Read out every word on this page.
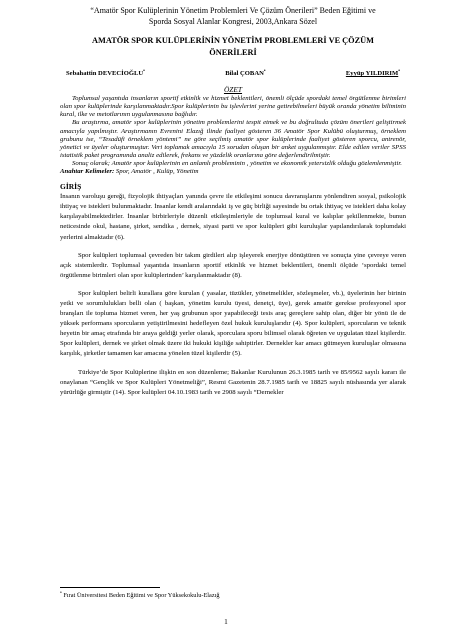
“Amatör Spor Kulüplerinin Yönetim Problemleri Ve Çözüm Önerileri” Beden Eğitimi ve
Sporda Sosyal Alanlar Kongresi, 2003,Ankara Sözel
AMATÖR SPOR KULÜPLERİNİN YÖNETİM PROBLEMLERİ VE ÇÖZÜM
ÖNERİLERİ
Sebahattin DEVECİOĞLU•	Bilal ÇOBAN•	Eyyüp YILDIRIM•
ÖZET

Toplumsal yaşantıda insanların sportif etkinlik ve hizmet beklentileri, önemli ölçüde spordaki temel örgütlenme birimleri olan spor kulüplerinde karşılanmaktadır.Spor kulüplerinin bu işlevlerini yerine getirebilmeleri büyük oranda yönetim biliminin kural, ilke ve metotlarının uygulanmasına bağlıdır.

Bu araştırma, amatör spor kulüplerinin yönetim problemlerini tespit etmek ve bu doğrultuda çözüm önerileri geliştirmek amacıyla yapılmıştır. Araştırmanın Evrenini Elazığ ilinde faaliyet gösteren 36 Amatör Spor Kulübü oluşturmuş, örneklem grubunu ise, “Tesadüfi örneklem yöntemi” ne göre seçilmiş amatör spor kulüplerinde faaliyet gösteren sporcu, antrenör, yönetici ve üyeler oluşturmuştur. Veri toplamak amacıyla 15 sorudan oluşan bir anket uygulanmıştır. Elde edilen veriler SPSS istatistik paket programında analiz edilerek, frekans ve yüzdelik oranlarına göre değerlendirilmiştir.

Sonuç olarak; Amatör spor kulüplerinin en anlamlı probleminin , yönetim ve ekonomik yetersizlik olduğu gözlemlenmiştir.

Anahtar Kelimeler: Spor, Amatör , Kulüp, Yönetim

GİRİŞ

İnsanın varoluşu gereği, fizyolojik ihtiyaçları yanında çevre ile etkileşimi sonucu davranışlarını yönlendiren sosyal, psikolojik ihtiyaç ve istekleri bulunmaktadır. İnsanlar kendi aralarındaki iş ve güç birliği sayesinde bu ortak ihtiyaç ve istekleri daha kolay karşılayabilmektedirler. İnsanlar birbirleriyle düzenli etkileşimleriyle de toplumsal kural ve kalıplar şekillenmekte, bunun neticesinde okul, hastane, şirket, sendika , dernek, siyasi parti ve spor kulüpleri gibi kuruluşlar yapılandırılarak toplumdaki yerlerini almaktadır (6).

Spor kulüpleri toplumsal çevreden bir takım girdileri alıp işleyerek enerjiye dönüştüren ve sonuçta yine çevreye veren açık sistemlerdir. Toplumsal yaşantıda insanların sportif etkinlik ve hizmet beklentileri, önemli ölçüde ‘spordaki temel örgütlenme birimleri olan spor kulüplerinden’ karşılanmaktadır (8).

Spor kulüpleri belirli kurallara göre kurulan ( yasalar, tüzükler, yönetmelikler, sözleşmeler, vb.), üyelerinin her birinin yetki ve sorumlulukları belli olan ( başkan, yönetim kurulu üyesi, denetçi, üye), gerek amatör gerekse profesyonel spor branşları ile topluma hizmet veren, her yaş grubunun spor yapabileceği tesis araç gereçlere sahip olan, diğer bir yönü ile de yüksek performans sporcuların yetiştirilmesini hedefleyen özel hukuk kuruluşlarıdır (4). Spor kulüpleri, sporcuların ve teknik heyetin bir amaç etrafında bir araya geldiği yerler olarak, sporculara sporu bilimsel olarak öğreten ve uygulatan tüzel kişilerdir. Spor kulüpleri, dernek ve şirket olmak üzere iki hukuki kişiliğe sahiptirler. Dernekler kar amacı gütmeyen kuruluşlar olmasına karşılık, şirketler tamamen kar amacına yönelen tüzel kişilerdir (5).

Türkiye’de Spor Kulüplerine ilişkin en son düzenleme; Bakanlar Kurulunun 26.3.1985 tarih ve 85/9562 sayılı kararı ile onaylanan “Gençlik ve Spor Kulüpleri Yönetmeliği”, Resmi Gazetenin 28.7.1985 tarih ve 18825 sayılı nüshasında yer alarak yürürlüğe girmiştir (14). Spor kulüpleri 04.10.1983 tarih ve 2908 sayılı “Dernekler

• Fırat Üniversitesi Beden Eğitimi ve Spor Yüksekokulu-Elazığ
1
